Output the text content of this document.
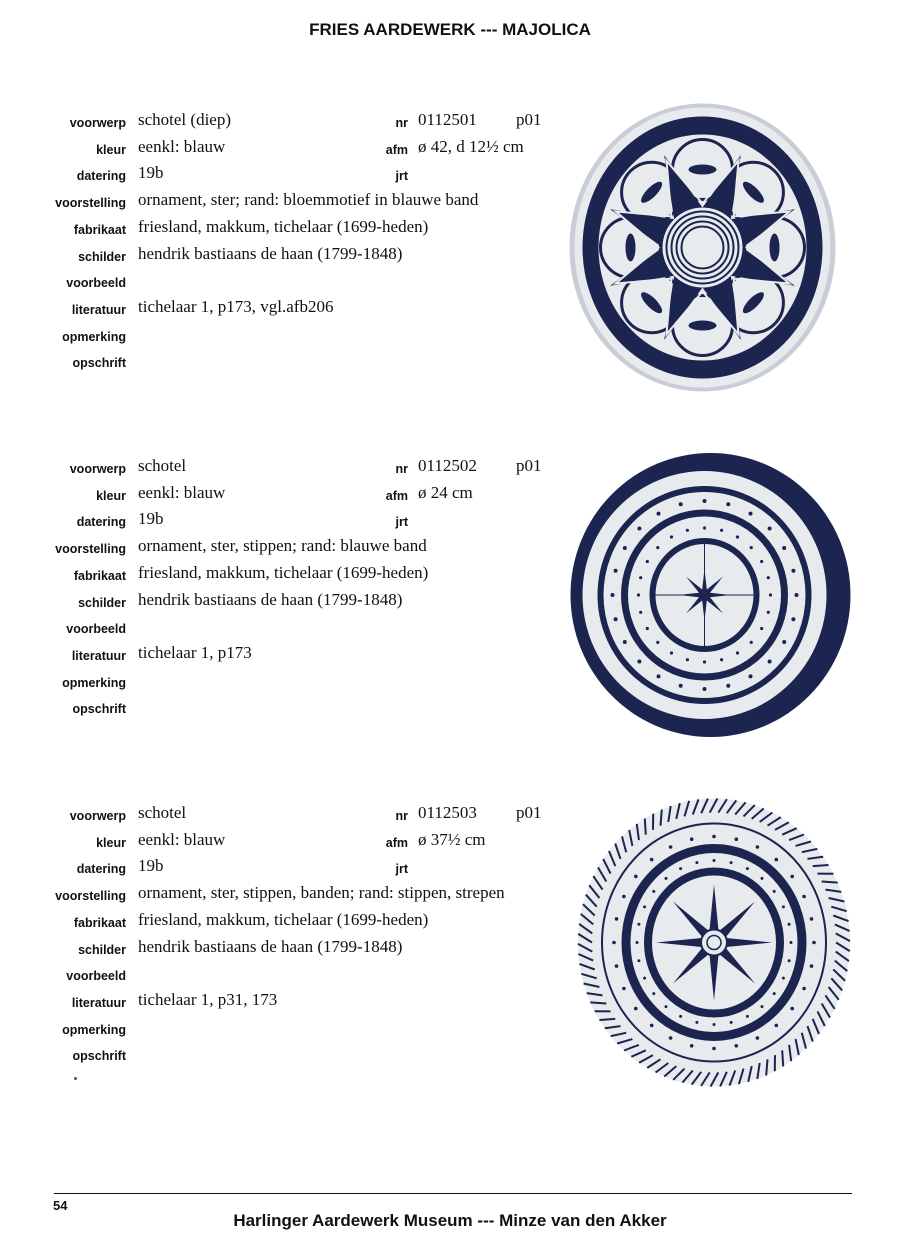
FRIES AARDEWERK --- MAJOLICA
voorwerp schotel (diep)	nr 0112501 p01
kleur eenkl: blauw	afm ø 42, d 12½ cm
datering 19b	jrt
voorstelling ornament, ster; rand: bloemmotief in blauwe band
fabrikaat friesland, makkum, tichelaar (1699-heden)
schilder hendrik bastiaans de haan (1799-1848)
voorbeeld
literatuur tichelaar 1, p173, vgl.afb206
opmerking
opschrift
voorwerp schotel	nr 0112502 p01
kleur eenkl: blauw	afm ø 24 cm
datering 19b	jrt
voorstelling ornament, ster, stippen; rand: blauwe band
fabrikaat friesland, makkum, tichelaar (1699-heden)
schilder hendrik bastiaans de haan (1799-1848)
voorbeeld
literatuur tichelaar 1, p173
opmerking
opschrift
voorwerp schotel	nr 0112503 p01
kleur eenkl: blauw	afm ø 37½ cm
datering 19b	jrt
voorstelling ornament, ster, stippen, banden; rand: stippen, strepen
fabrikaat friesland, makkum, tichelaar (1699-heden)
schilder hendrik bastiaans de haan (1799-1848)
voorbeeld
literatuur tichelaar 1, p31, 173
opmerking
opschrift
54
Harlinger Aardewerk Museum --- Minze van den Akker
